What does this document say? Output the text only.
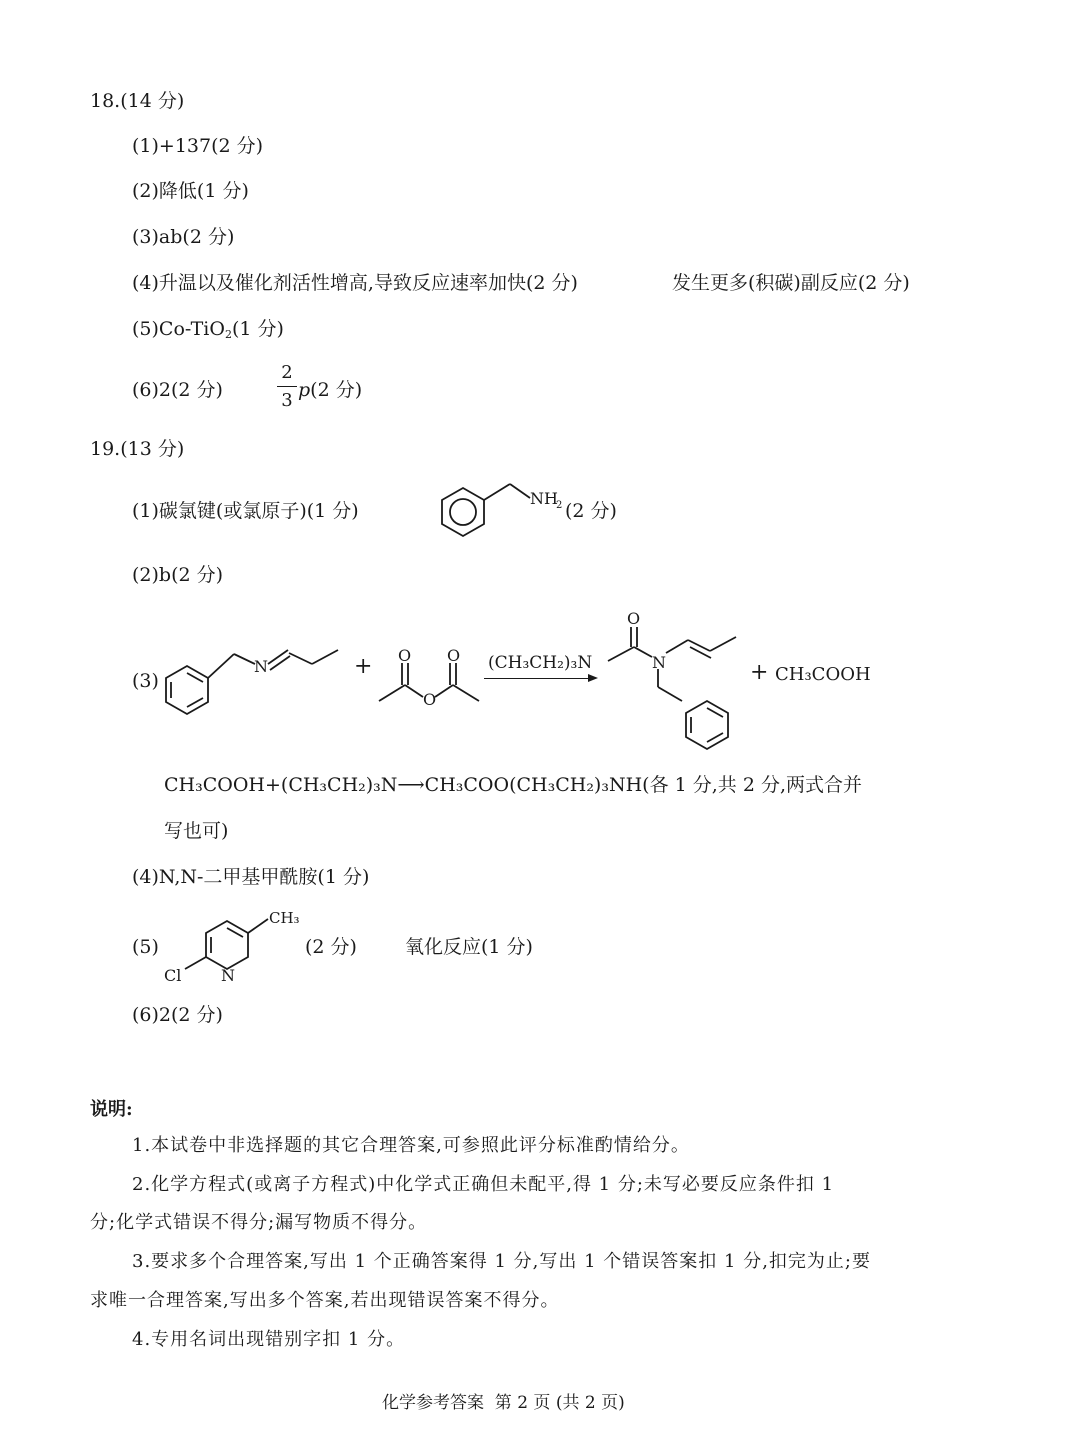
18.(14 分)
(1)+137(2 分)
(2)降低(1 分)
(3)ab(2 分)
(4)升温以及催化剂活性增高,导致反应速率加快(2 分)	发生更多(积碳)副反应(2 分)
(5)Co-TiO$_2$(1 分)
(6)2(2 分)
2
3 p(2 分)
19.(13 分)
(1)碳氯键(或氯原子)(1 分)
NH
2 (2 分)
(2)b(2 分)
(3)
N	+ O
O
O (CH₃CH₂)₃N
O
N	+ CH₃COOH
CH₃COOH+(CH₃CH₂)₃N⟶CH₃COO(CH₃CH₂)₃NH(各 1 分,共 2 分,两式合并
写也可)
(4)N,N-二甲基甲酰胺(1 分)
(5)
CH₃
Cl N
(2 分)	氧化反应(1 分)
(6)2(2 分)
说明:
1.本试卷中非选择题的其它合理答案,可参照此评分标准酌情给分。
2.化学方程式(或离子方程式)中化学式正确但未配平,得 1 分;未写必要反应条件扣 1
分;化学式错误不得分;漏写物质不得分。
3.要求多个合理答案,写出 1 个正确答案得 1 分,写出 1 个错误答案扣 1 分,扣完为止;要
求唯一合理答案,写出多个答案,若出现错误答案不得分。
4.专用名词出现错别字扣 1 分。
化学参考答案  第 2 页 (共 2 页)
